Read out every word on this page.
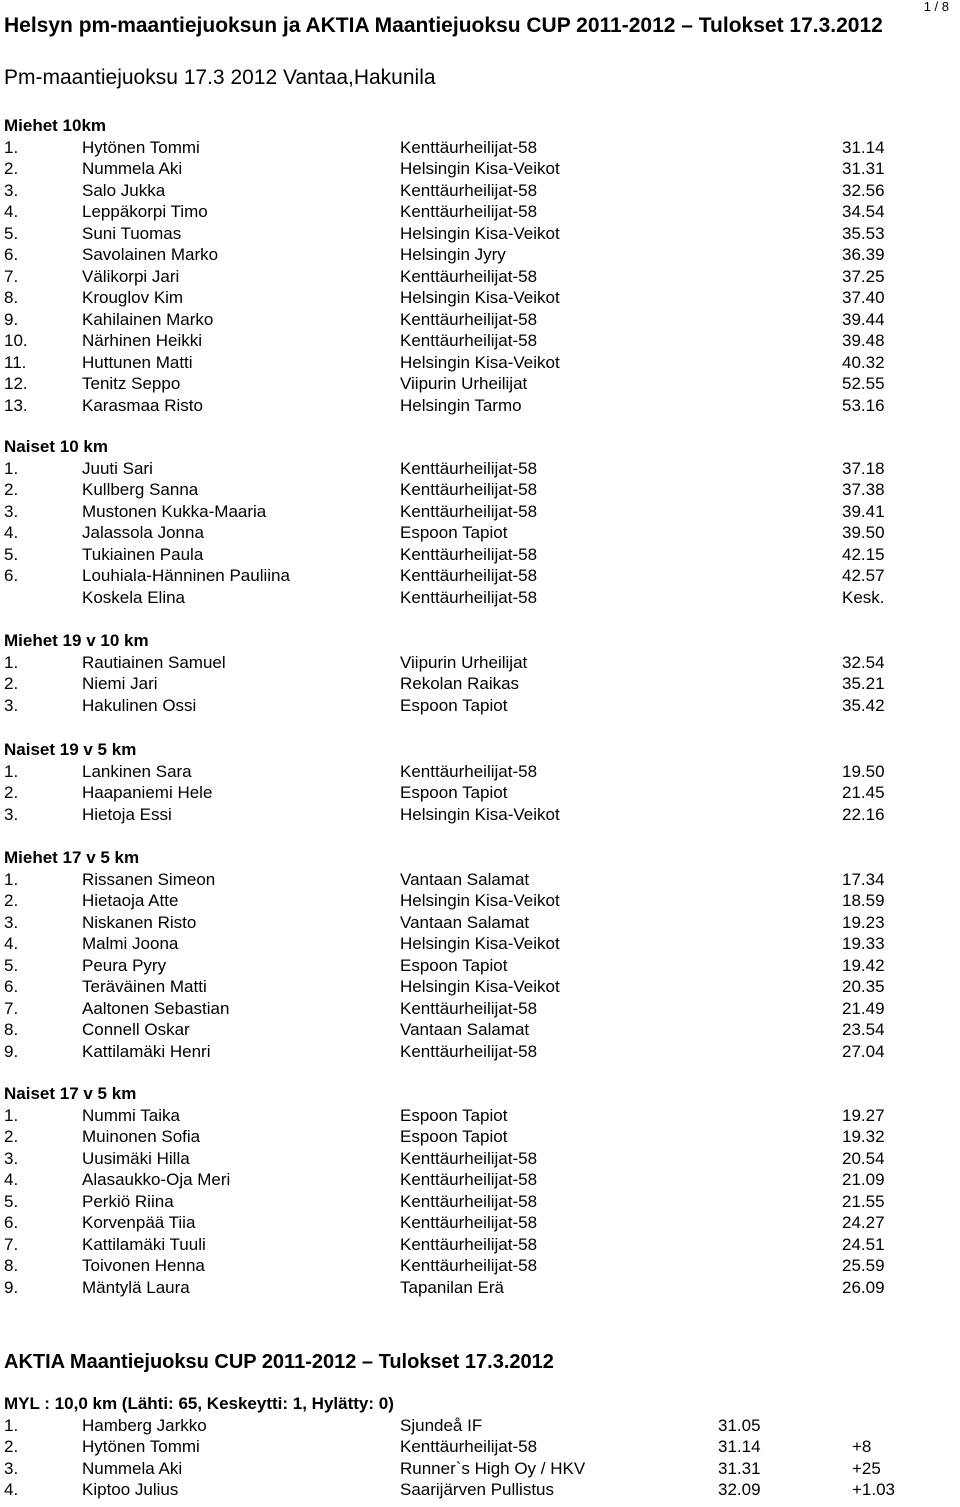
1 / 8
Helsyn pm-maantiejuoksun ja AKTIA Maantiejuoksu CUP 2011-2012 – Tulokset 17.3.2012
Pm-maantiejuoksu 17.3 2012 Vantaa,Hakunila
Miehet 10km
1.	Hytönen Tommi	Kenttäurheilijat-58	31.14
2.	Nummela Aki	Helsingin Kisa-Veikot	31.31
3.	Salo Jukka	Kenttäurheilijat-58	32.56
4.	Leppäkorpi Timo	Kenttäurheilijat-58	34.54
5.	Suni Tuomas	Helsingin Kisa-Veikot	35.53
6.	Savolainen Marko	Helsingin Jyry	36.39
7.	Välikorpi Jari	Kenttäurheilijat-58	37.25
8.	Krouglov Kim	Helsingin Kisa-Veikot	37.40
9.	Kahilainen Marko	Kenttäurheilijat-58	39.44
10.	Närhinen Heikki	Kenttäurheilijat-58	39.48
11.	Huttunen Matti	Helsingin Kisa-Veikot	40.32
12.	Tenitz Seppo	Viipurin Urheilijat	52.55
13.	Karasmaa Risto	Helsingin Tarmo	53.16
Naiset 10 km
1.	Juuti Sari	Kenttäurheilijat-58	37.18
2.	Kullberg Sanna	Kenttäurheilijat-58	37.38
3.	Mustonen Kukka-Maaria	Kenttäurheilijat-58	39.41
4.	Jalassola Jonna	Espoon Tapiot	39.50
5.	Tukiainen Paula	Kenttäurheilijat-58	42.15
6.	Louhiala-Hänninen Pauliina	Kenttäurheilijat-58	42.57
Koskela Elina	Kenttäurheilijat-58	Kesk.
Miehet 19 v 10 km
1.	Rautiainen Samuel	Viipurin Urheilijat	32.54
2.	Niemi Jari	Rekolan Raikas	35.21
3.	Hakulinen Ossi	Espoon Tapiot	35.42
Naiset 19 v 5 km
1.	Lankinen Sara	Kenttäurheilijat-58	19.50
2.	Haapaniemi Hele	Espoon Tapiot	21.45
3.	Hietoja Essi	Helsingin Kisa-Veikot	22.16
Miehet 17 v 5 km
1.	Rissanen Simeon	Vantaan Salamat	17.34
2.	Hietaoja Atte	Helsingin Kisa-Veikot	18.59
3.	Niskanen Risto	Vantaan Salamat	19.23
4.	Malmi Joona	Helsingin Kisa-Veikot	19.33
5.	Peura Pyry	Espoon Tapiot	19.42
6.	Teräväinen Matti	Helsingin Kisa-Veikot	20.35
7.	Aaltonen Sebastian	Kenttäurheilijat-58	21.49
8.	Connell Oskar	Vantaan Salamat	23.54
9.	Kattilamäki Henri	Kenttäurheilijat-58	27.04
Naiset 17 v 5 km
1.	Nummi Taika	Espoon Tapiot	19.27
2.	Muinonen Sofia	Espoon Tapiot	19.32
3.	Uusimäki Hilla	Kenttäurheilijat-58	20.54
4.	Alasaukko-Oja Meri	Kenttäurheilijat-58	21.09
5.	Perkiö Riina	Kenttäurheilijat-58	21.55
6.	Korvenpää Tiia	Kenttäurheilijat-58	24.27
7.	Kattilamäki Tuuli	Kenttäurheilijat-58	24.51
8.	Toivonen Henna	Kenttäurheilijat-58	25.59
9.	Mäntylä Laura	Tapanilan Erä	26.09
AKTIA Maantiejuoksu CUP 2011-2012 – Tulokset 17.3.2012
MYL : 10,0 km (Lähti: 65, Keskeytti: 1, Hylätty: 0)
1.	Hamberg Jarkko	Sjundeå IF	31.05
2.	Hytönen Tommi	Kenttäurheilijat-58	31.14	+8
3.	Nummela Aki	Runner`s High Oy / HKV	31.31	+25
4.	Kiptoo Julius	Saarijärven Pullistus	32.09	+1.03
